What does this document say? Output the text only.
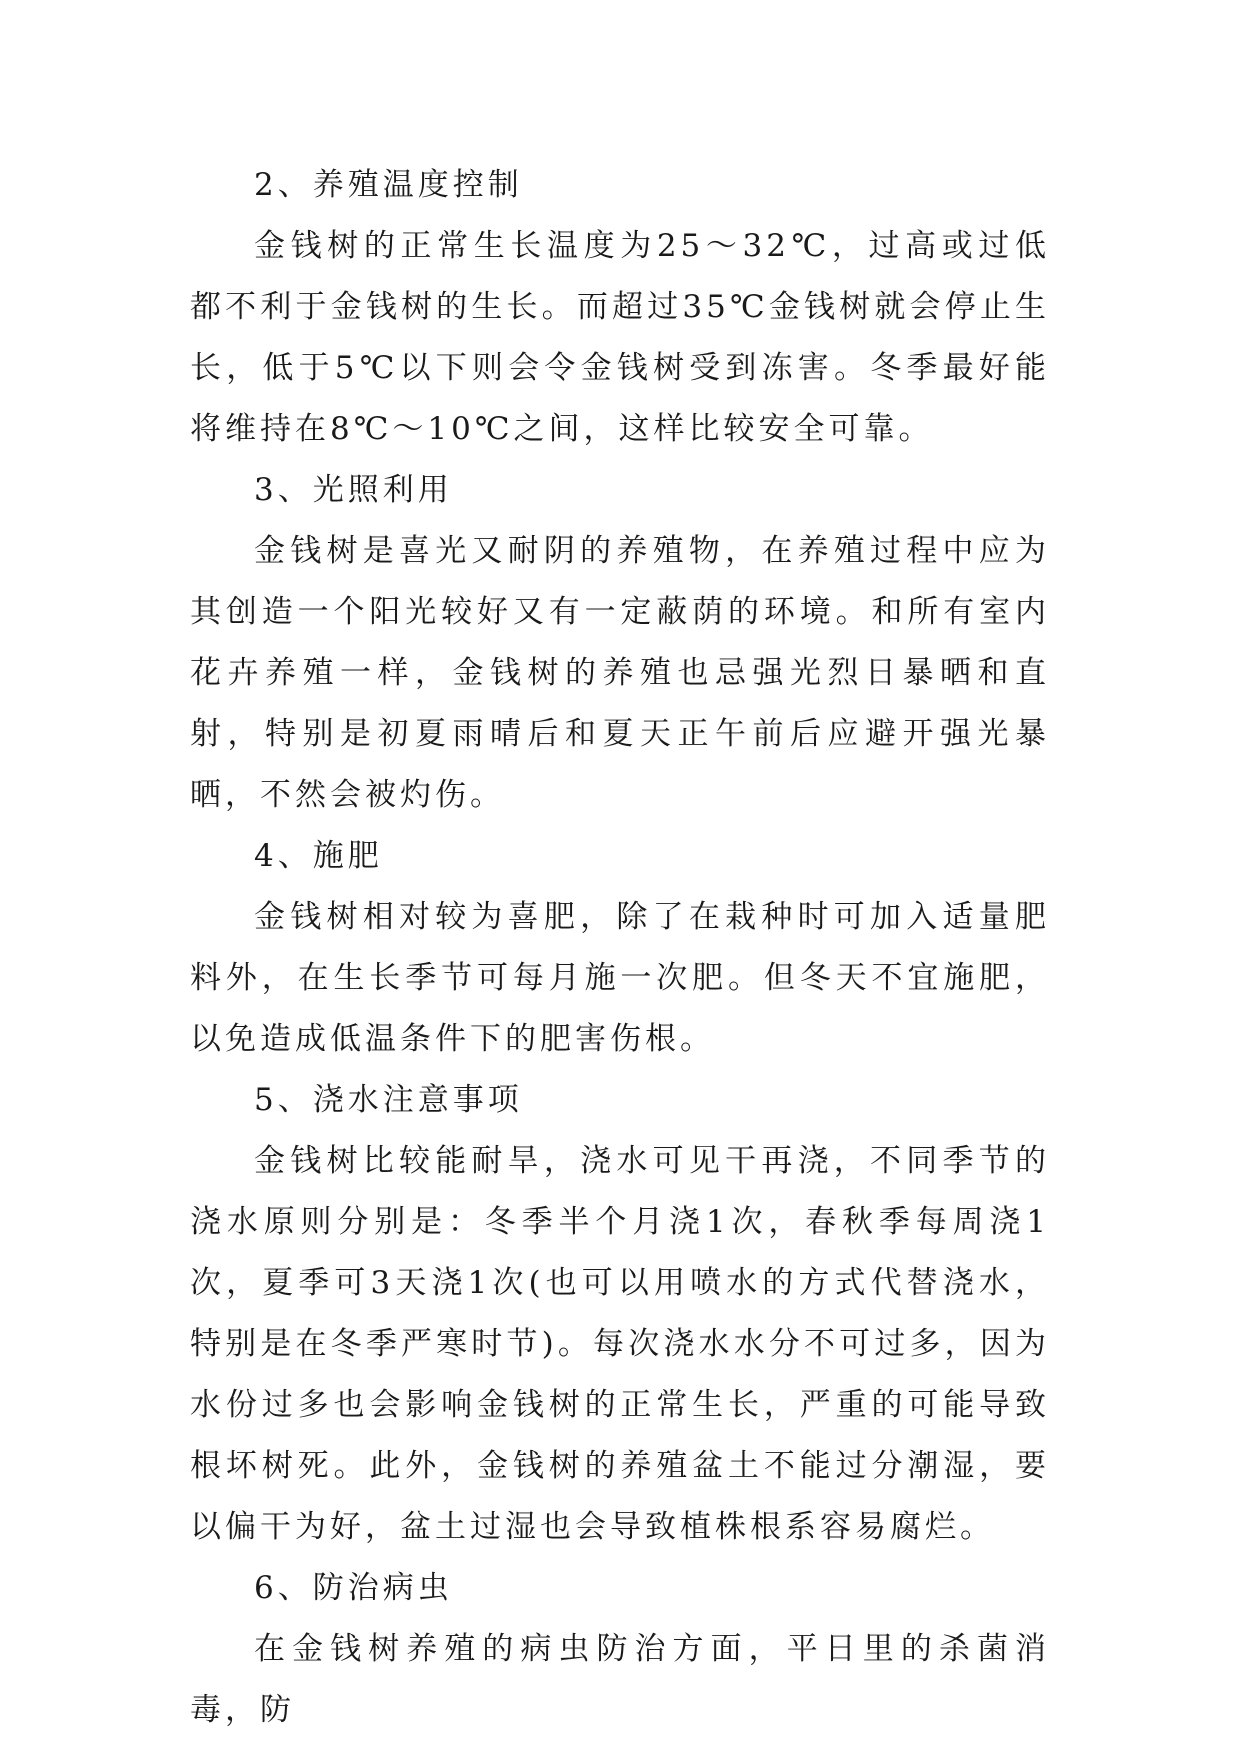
2、养殖温度控制

金钱树的正常生长温度为25～32℃，过高或过低都不利于金钱树的生长。而超过35℃金钱树就会停止生长，低于5℃以下则会令金钱树受到冻害。冬季最好能将维持在8℃～10℃之间，这样比较安全可靠。

3、光照利用

金钱树是喜光又耐阴的养殖物，在养殖过程中应为其创造一个阳光较好又有一定蔽荫的环境。和所有室内花卉养殖一样，金钱树的养殖也忌强光烈日暴晒和直射，特别是初夏雨晴后和夏天正午前后应避开强光暴晒，不然会被灼伤。

4、施肥

金钱树相对较为喜肥，除了在栽种时可加入适量肥料外，在生长季节可每月施一次肥。但冬天不宜施肥，以免造成低温条件下的肥害伤根。

5、浇水注意事项

金钱树比较能耐旱，浇水可见干再浇，不同季节的浇水原则分别是：冬季半个月浇1次，春秋季每周浇1次，夏季可3天浇1次(也可以用喷水的方式代替浇水，特别是在冬季严寒时节)。每次浇水水分不可过多，因为水份过多也会影响金钱树的正常生长，严重的可能导致根坏树死。此外，金钱树的养殖盆土不能过分潮湿，要以偏干为好，盆土过湿也会导致植株根系容易腐烂。

6、防治病虫

在金钱树养殖的病虫防治方面，平日里的杀菌消毒，防
